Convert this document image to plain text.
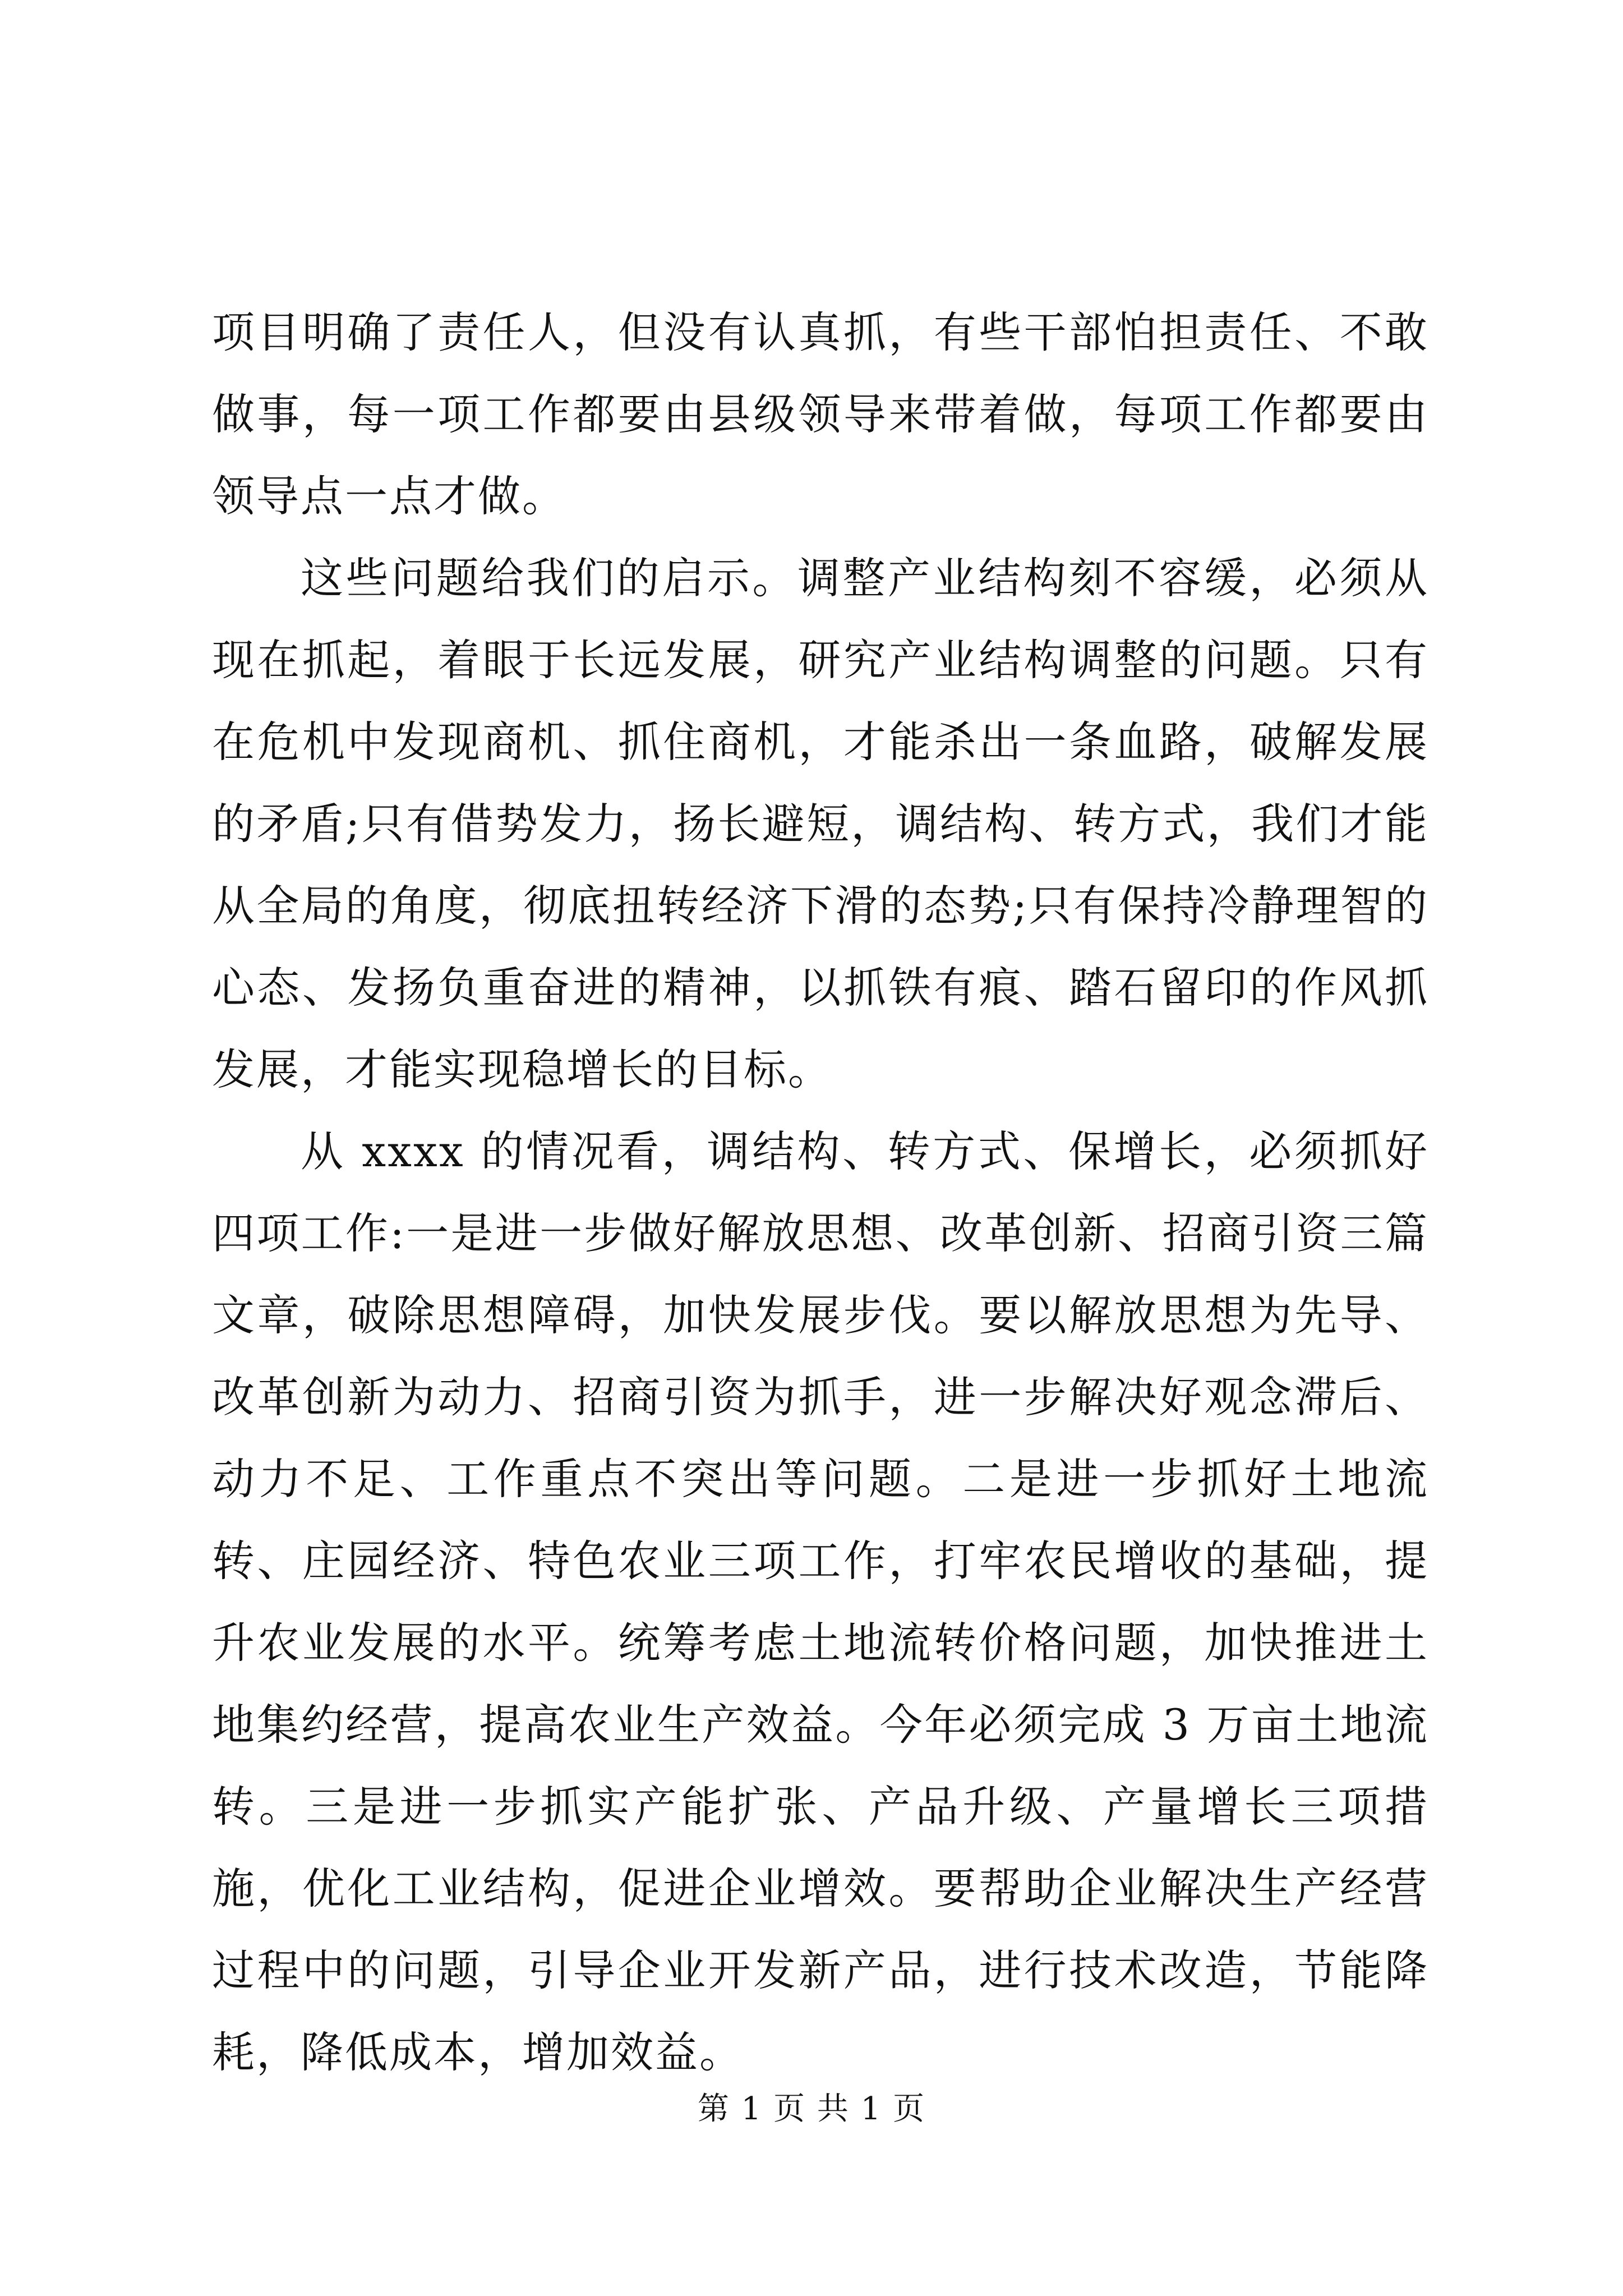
项目明确了责任人，但没有认真抓，有些干部怕担责任、不敢做事，每一项工作都要由县级领导来带着做，每项工作都要由领导点一点才做。

这些问题给我们的启示。调整产业结构刻不容缓，必须从现在抓起，着眼于长远发展，研究产业结构调整的问题。只有在危机中发现商机、抓住商机，才能杀出一条血路，破解发展的矛盾;只有借势发力，扬长避短，调结构、转方式，我们才能从全局的角度，彻底扭转经济下滑的态势;只有保持冷静理智的心态、发扬负重奋进的精神，以抓铁有痕、踏石留印的作风抓发展，才能实现稳增长的目标。

从 xxxx 的情况看，调结构、转方式、保增长，必须抓好四项工作:一是进一步做好解放思想、改革创新、招商引资三篇文章，破除思想障碍，加快发展步伐。要以解放思想为先导、改革创新为动力、招商引资为抓手，进一步解决好观念滞后、动力不足、工作重点不突出等问题。二是进一步抓好土地流转、庄园经济、特色农业三项工作，打牢农民增收的基础，提升农业发展的水平。统筹考虑土地流转价格问题，加快推进土地集约经营，提高农业生产效益。今年必须完成 3 万亩土地流转。三是进一步抓实产能扩张、产品升级、产量增长三项措施，优化工业结构，促进企业增效。要帮助企业解决生产经营过程中的问题，引导企业开发新产品，进行技术改造，节能降耗，降低成本，增加效益。

第 1 页 共 1 页
